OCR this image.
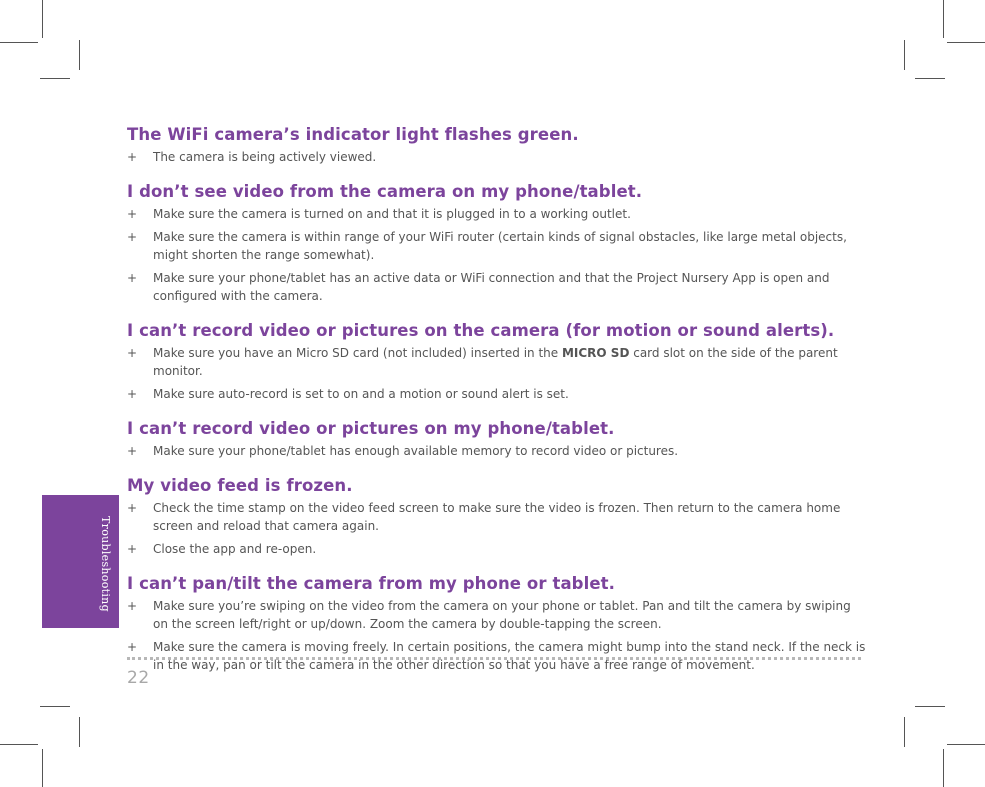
Troubleshooting
The WiFi camera’s indicator light flashes green.
+ The camera is being actively viewed.
I don’t see video from the camera on my phone/tablet.
+ Make sure the camera is turned on and that it is plugged in to a working outlet.
+ Make sure the camera is within range of your WiFi router (certain kinds of signal obstacles, like large metal objects, might shorten the range somewhat).
+ Make sure your phone/tablet has an active data or WiFi connection and that the Project Nursery App is open and configured with the camera.
I can’t record video or pictures on the camera (for motion or sound alerts).
+ Make sure you have an Micro SD card (not included) inserted in the MICRO SD card slot on the side of the parent monitor.
+ Make sure auto-record is set to on and a motion or sound alert is set.
I can’t record video or pictures on my phone/tablet.
+ Make sure your phone/tablet has enough available memory to record video or pictures.
My video feed is frozen.
+ Check the time stamp on the video feed screen to make sure the video is frozen. Then return to the camera home screen and reload that camera again.
+ Close the app and re-open.
I can’t pan/tilt the camera from my phone or tablet.
+ Make sure you’re swiping on the video from the camera on your phone or tablet. Pan and tilt the camera by swiping on the screen left/right or up/down. Zoom the camera by double-tapping the screen.
+ Make sure the camera is moving freely. In certain positions, the camera might bump into the stand neck. If the neck is in the way, pan or tilt the camera in the other direction so that you have a free range of movement.
22
